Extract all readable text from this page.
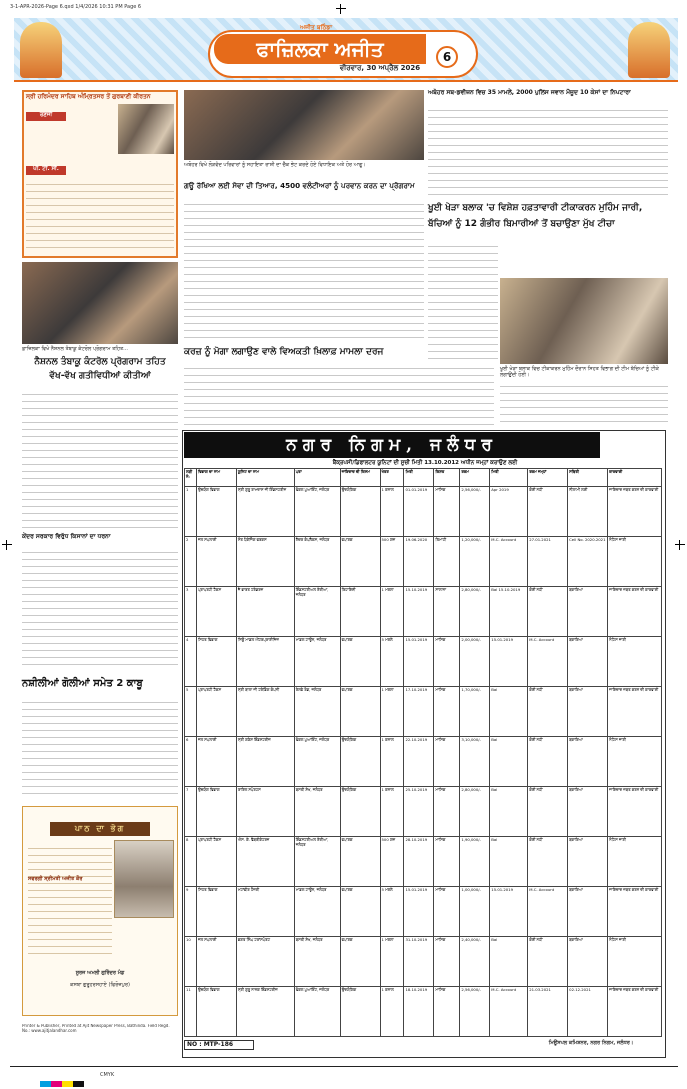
3-1-APR-2026-Page 6.qxd 1/4/2026 10:31 PM Page 6
ਅਜੀਤ ਬਠਿੰਡਾ
ਫਾਜ਼ਿਲਕਾ ਅਜੀਤ	6
ਵੀਰਵਾਰ, 30 ਅਪ੍ਰੈਲ 2026
ਸ੍ਰੀ ਹਰਿਮੰਦਰ ਸਾਹਿਬ ਅੰਮ੍ਰਿਤਸਰ ਤੋਂ ਗੁਰਬਾਣੀ ਕੀਰਤਨ
ਰਣਜੀ
ਪੀ. ਟੀ. ਸੀ.
ਫ਼ਾਜ਼ਿਲਕਾ ਵਿਖੇ ਨੈਸ਼ਨਲ ਤੰਬਾਕੂ ਕੰਟਰੋਲ ਪ੍ਰੋਗਰਾਮ ਤਹਿਤ...
ਨੈਸ਼ਨਲ ਤੰਬਾਕੂ ਕੰਟਰੋਲ ਪ੍ਰੋਗਰਾਮ ਤਹਿਤ
ਵੱਖ-ਵੱਖ ਗਤੀਵਿਧੀਆਂ ਕੀਤੀਆਂ
ਕੇਂਦਰ ਸਰਕਾਰ ਵਿਰੁੱਧ ਕਿਸਾਨਾਂ ਦਾ ਧਰਨਾ
ਨਸ਼ੀਲੀਆਂ ਗੋਲੀਆਂ ਸਮੇਤ 2 ਕਾਬੂ
ਪਾਠ ਦਾ ਭੋਗ
ਸਵਰਗੀ ਸ੍ਰੀਮਤੀ ਅਜੀਤ ਕੌਰ
ਸੂਰਜ ਅਮਲੀ ਗੁਰਿੰਦਰ ਮੰਡ
ਕਸਬਾ ਗੁਰੂਹਰਸਹਾਏ (ਫਿਰੋਜ਼ਪੁਰ)
Printer & Publisher, Printed at Ajit Newspaper Press, Bathinda. Field Regd. No.: www.ajitjalandhar.com
ਅਬੋਹਰ ਵਿਖੇ ਲੋੜਵੰਦ ਪਰਿਵਾਰਾਂ ਨੂੰ ਸਹਾਇਤਾ ਰਾਸ਼ੀ ਦਾ ਚੈੱਕ ਭੇਟ ਕਰਦੇ ਹੋਏ ਵਿਧਾਇਕ ਅਤੇ ਹੋਰ ਆਗੂ।
ਗਊ ਰੱਖਿਆ ਲਈ ਸੇਵਾ ਦੀ ਤਿਆਰ, 4500 ਵਲੰਟੀਅਰਾਂ ਨੂੰ ਪਰਵਾਨ ਕਰਨ ਦਾ ਪ੍ਰੋਗਰਾਮ
ਕਰਜ਼ ਨੂੰ ਮੋਗਾ ਲਗਾਉਣ ਵਾਲੇ ਵਿਅਕਤੀ ਖ਼ਿਲਾਫ਼ ਮਾਮਲਾ ਦਰਜ
ਅਬੋਹਰ ਸਬ-ਡਵੀਜ਼ਨ ਵਿਚ 35 ਮਾਮਲੇ, 2000 ਪੁਲਿਸ ਜਵਾਨ ਮੌਜੂਦ 10 ਕੇਸਾਂ ਦਾ ਨਿਪਟਾਰਾ
ਖੂਈ ਖੇੜਾ ਬਲਾਕ 'ਚ ਵਿਸ਼ੇਸ਼ ਹਫ਼ਤਾਵਾਰੀ ਟੀਕਾਕਰਨ ਮੁਹਿੰਮ ਜਾਰੀ,
ਬੱਚਿਆਂ ਨੂੰ 12 ਗੰਭੀਰ ਬਿਮਾਰੀਆਂ ਤੋਂ ਬਚਾਉਣਾ ਮੁੱਖ ਟੀਚਾ
ਖੂਈ ਖੇੜਾ ਬਲਾਕ ਵਿਚ ਟੀਕਾਕਰਨ ਮੁਹਿੰਮ ਦੌਰਾਨ ਸਿਹਤ ਵਿਭਾਗ ਦੀ ਟੀਮ ਬੱਚਿਆਂ ਨੂੰ ਟੀਕੇ ਲਗਾਉਂਦੀ ਹੋਈ।
ਨਗਰ ਨਿਗਮ, ਜਲੰਧਰ
ਬੈਂਕ੍ਰਪਸੀ/ਡਿਫਾਲਟਰ ਯੂਨਿਟਾਂ ਦੀ ਸੂਚੀ ਮਿਤੀ 13.10.2012 ਅਧੀਨ ਜਮ੍ਹਾਂ ਕਰਾਉਣ ਲਈ
ਲੜੀ ਨੰ:	ਵਿਭਾਗ ਦਾ ਨਾਮ	ਯੂਨਿਟ ਦਾ ਨਾਮ	ਪਤਾ	ਜਾਇਦਾਦ ਦੀ ਕਿਸਮ	ਖੇਤਰ	ਮਿਤੀ	ਕਿਸ਼ਤ	ਰਕਮ	ਮਿਤੀ	ਰਕਮ ਜਮ੍ਹਾਂ	ਸਥਿਤੀ	ਕਾਰਵਾਈ
1	ਉਦਯੋਗ ਵਿਭਾਗ	ਸ੍ਰੀ ਗੁਰੂ ਰਾਮਦਾਸ ਜੀ ਇੰਡਸਟਰੀਜ਼	ਫੋਕਲ ਪੁਆਇੰਟ, ਜਲੰਧਰ	ਉਦਯੋਗਿਕ	1 ਕਨਾਲ	01.01.2019	ਮਾਸਿਕ	2,56,000/-	Apr 2019	ਕੋਈ ਨਹੀਂ	ਨੀਲਾਮੀ ਲਈ	ਜਾਇਦਾਦ ਜ਼ਬਤ ਕਰਨ ਦੀ ਕਾਰਵਾਈ
2	ਜਲ ਸਪਲਾਈ	ਸੰਤ ਪੈਕੇਜਿੰਗ ਵਰਕਸ	ਲੈਦਰ ਕੰਪਲੈਕਸ, ਜਲੰਧਰ	ਵਪਾਰਕ	500 ਗਜ਼	19.06.2020	ਤਿਮਾਹੀ	1,20,000/-	M.C. Account	27.01.2021	Cell No. 2020.2021	ਨੋਟਿਸ ਜਾਰੀ
3	ਪ੍ਰਾਪਰਟੀ ਟੈਕਸ	ਜੈ ਭਾਰਤ ਟਰੇਡਰਜ਼	ਇੰਡਸਟਰੀਅਲ ਏਰੀਆ, ਜਲੰਧਰ	ਰਿਹਾਇਸ਼ੀ	1 ਮਰਲਾ	15.10.2019	ਸਾਲਾਨਾ	2,80,000/-	Bal 15.10.2019	ਕੋਈ ਨਹੀਂ	ਬਕਾਇਆ	ਜਾਇਦਾਦ ਜ਼ਬਤ ਕਰਨ ਦੀ ਕਾਰਵਾਈ
4	ਸਿਹਤ ਵਿਭਾਗ	ਨਿਊ ਮਾਡਲ ਐਂਟਰਪ੍ਰਾਈਜ਼ਿਜ਼	ਮਾਡਲ ਟਾਊਨ, ਜਲੰਧਰ	ਵਪਾਰਕ	5 ਮਰਲੇ	15.01.2019	ਮਾਸਿਕ	2,00,000/-	15.01.2019	M.C. Account	ਬਕਾਇਆ	ਨੋਟਿਸ ਜਾਰੀ
5	ਪ੍ਰਾਪਰਟੀ ਟੈਕਸ	ਸ੍ਰੀ ਬਾਲਾ ਜੀ ਟਰੇਡਿੰਗ ਕੰਪਨੀ	ਰੇਲਵੇ ਰੋਡ, ਜਲੰਧਰ	ਵਪਾਰਕ	1 ਮਰਲਾ	17.10.2019	ਮਾਸਿਕ	1,70,000/-	Bal	ਕੋਈ ਨਹੀਂ	ਬਕਾਇਆ	ਜਾਇਦਾਦ ਜ਼ਬਤ ਕਰਨ ਦੀ ਕਾਰਵਾਈ
6	ਜਲ ਸਪਲਾਈ	ਸ੍ਰੀ ਗਣੇਸ਼ ਇੰਡਸਟਰੀਜ਼	ਫੋਕਲ ਪੁਆਇੰਟ, ਜਲੰਧਰ	ਉਦਯੋਗਿਕ	1 ਕਨਾਲ	22.10.2019	ਮਾਸਿਕ	3,10,000/-	Bal	ਕੋਈ ਨਹੀਂ	ਬਕਾਇਆ	ਨੋਟਿਸ ਜਾਰੀ
7	ਉਦਯੋਗ ਵਿਭਾਗ	ਰਾਇਲ ਸਪੋਰਟਸ	ਬਸਤੀ ਸ਼ੇਖ, ਜਲੰਧਰ	ਉਦਯੋਗਿਕ	1 ਕਨਾਲ	25.10.2019	ਮਾਸਿਕ	2,80,000/-	Bal	ਕੋਈ ਨਹੀਂ	ਬਕਾਇਆ	ਜਾਇਦਾਦ ਜ਼ਬਤ ਕਰਨ ਦੀ ਕਾਰਵਾਈ
8	ਪ੍ਰਾਪਰਟੀ ਟੈਕਸ	ਐਸ. ਕੇ. ਫੈਬਰੀਕੇਟਰਜ਼	ਇੰਡਸਟਰੀਅਲ ਏਰੀਆ, ਜਲੰਧਰ	ਵਪਾਰਕ	500 ਗਜ਼	28.10.2019	ਮਾਸਿਕ	1,90,000/-	Bal	ਕੋਈ ਨਹੀਂ	ਬਕਾਇਆ	ਨੋਟਿਸ ਜਾਰੀ
9	ਸਿਹਤ ਵਿਭਾਗ	ਮਹਾਂਵੀਰ ਹੌਜ਼ਰੀ	ਮਾਡਲ ਟਾਊਨ, ਜਲੰਧਰ	ਵਪਾਰਕ	5 ਮਰਲੇ	15.01.2019	ਮਾਸਿਕ	1,00,000/-	15.01.2019	M.C. Account	ਬਕਾਇਆ	ਜਾਇਦਾਦ ਜ਼ਬਤ ਕਰਨ ਦੀ ਕਾਰਵਾਈ
10	ਜਲ ਸਪਲਾਈ	ਭਗਤ ਸਿੰਘ ਟਰਾਂਸਪੋਰਟ	ਬਸਤੀ ਸ਼ੇਖ, ਜਲੰਧਰ	ਵਪਾਰਕ	1 ਮਰਲਾ	31.10.2019	ਮਾਸਿਕ	2,40,000/-	Bal	ਕੋਈ ਨਹੀਂ	ਬਕਾਇਆ	ਨੋਟਿਸ ਜਾਰੀ
11	ਉਦਯੋਗ ਵਿਭਾਗ	ਸ੍ਰੀ ਗੁਰੂ ਨਾਨਕ ਇੰਡਸਟਰੀਜ਼	ਫੋਕਲ ਪੁਆਇੰਟ, ਜਲੰਧਰ	ਉਦਯੋਗਿਕ	1 ਕਨਾਲ	18.10.2019	ਮਾਸਿਕ	2,56,000/-	M.C. Account	21.03.2021	02.12.2021	ਜਾਇਦਾਦ ਜ਼ਬਤ ਕਰਨ ਦੀ ਕਾਰਵਾਈ
NO : MTP-186	ਮਿਊਂਸਪਲ ਕਮਿਸ਼ਨਰ, ਨਗਰ ਨਿਗਮ, ਜਲੰਧਰ।
CMYK
